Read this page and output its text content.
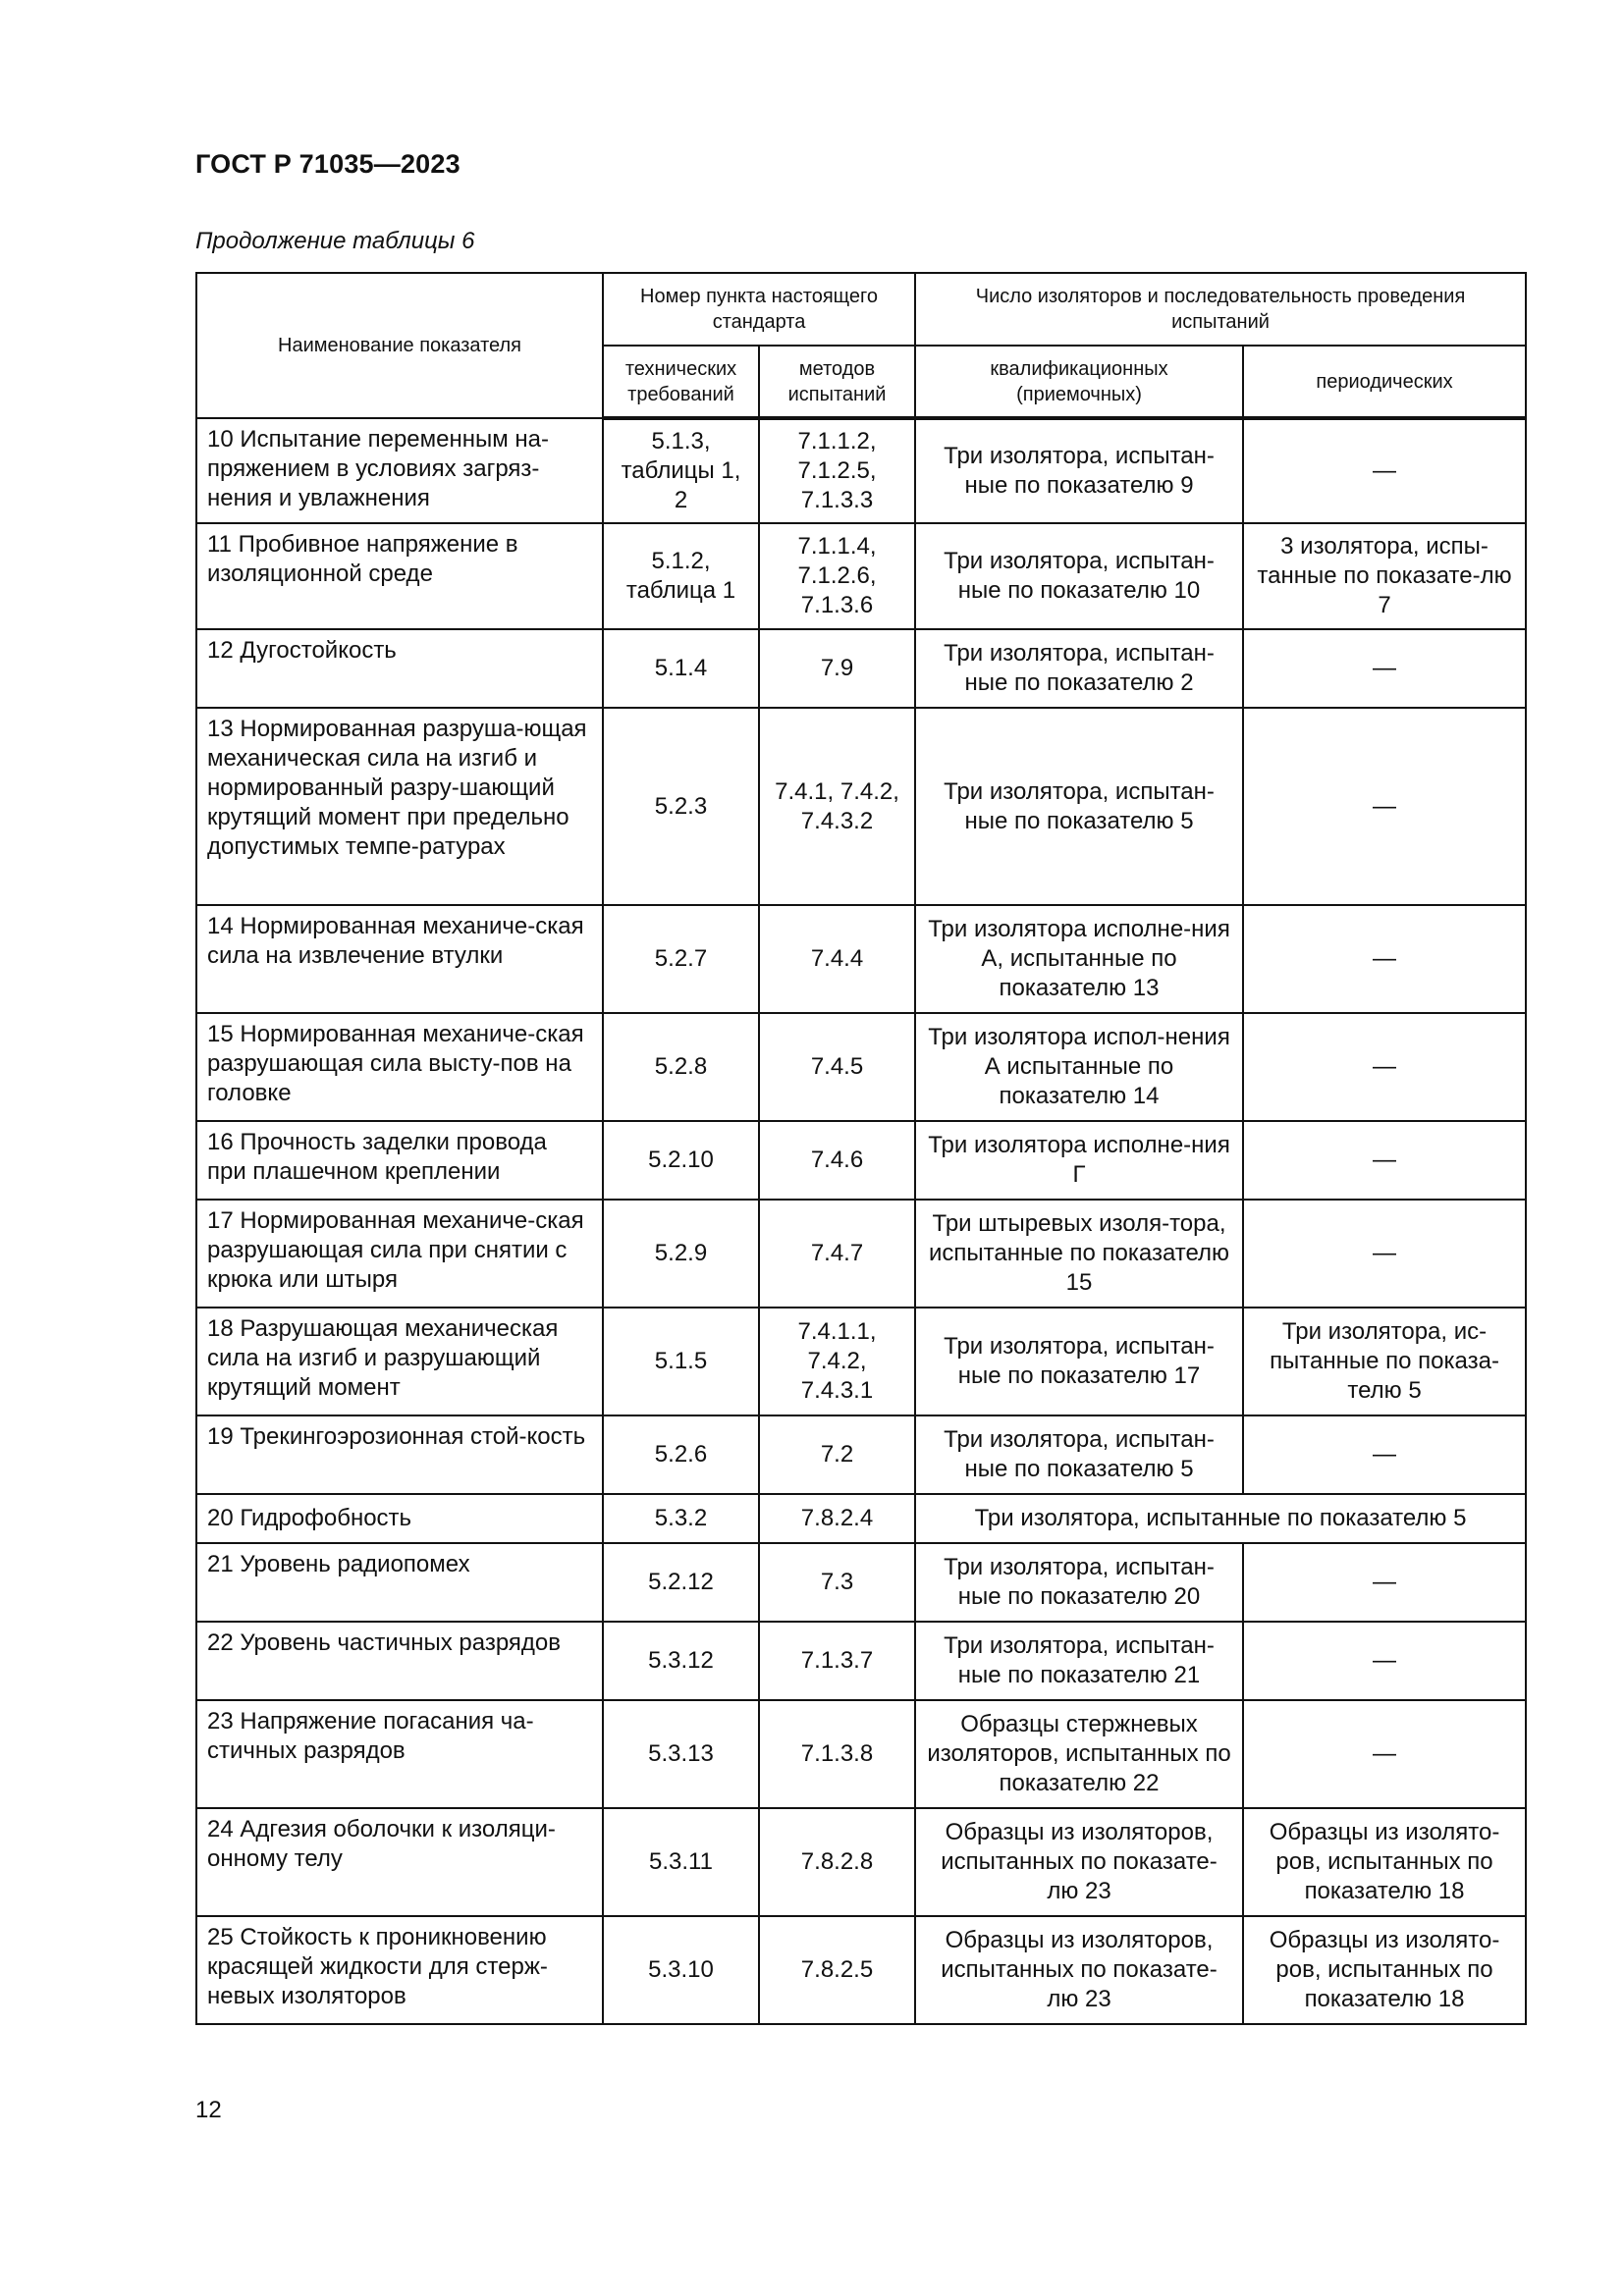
ГОСТ Р 71035—2023
Продолжение таблицы 6
Наименование показателя	Номер пункта настоящего стандарта		Число изоляторов и последовательность проведения испытаний	
	технических требований	методов испытаний	квалификационных (приемочных)	периодических
10 Испытание переменным на-пряжением в условиях загряз-нения и увлажнения	5.1.3, таблицы 1, 2	7.1.1.2, 7.1.2.5, 7.1.3.3	Три изолятора, испытан-ные по показателю 9	—
11 Пробивное напряжение в изоляционной среде	5.1.2, таблица 1	7.1.1.4, 7.1.2.6, 7.1.3.6	Три изолятора, испытан-ные по показателю 10	3 изолятора, испы-танные по показате-лю 7
12 Дугостойкость	5.1.4	7.9	Три изолятора, испытан-ные по показателю 2	—
13 Нормированная разруша-ющая механическая сила на изгиб и нормированный разру-шающий крутящий момент при предельно допустимых темпе-ратурах	5.2.3	7.4.1, 7.4.2, 7.4.3.2	Три изолятора, испытан-ные по показателю 5	—
14 Нормированная механиче-ская сила на извлечение втулки	5.2.7	7.4.4	Три изолятора исполне-ния А, испытанные по показателю 13	—
15 Нормированная механиче-ская разрушающая сила высту-пов на головке	5.2.8	7.4.5	Три изолятора испол-нения А испытанные по показателю 14	—
16 Прочность заделки провода при плашечном креплении	5.2.10	7.4.6	Три изолятора исполне-ния Г	—
17 Нормированная механиче-ская разрушающая сила при снятии с крюка или штыря	5.2.9	7.4.7	Три штыревых изоля-тора, испытанные по показателю 15	—
18 Разрушающая механическая сила на изгиб и разрушающий крутящий момент	5.1.5	7.4.1.1, 7.4.2, 7.4.3.1	Три изолятора, испытан-ные по показателю 17	Три изолятора, ис-пытанные по показа-телю 5
19 Трекингоэрозионная стой-кость	5.2.6	7.2	Три изолятора, испытан-ные по показателю 5	—
20 Гидрофобность	5.3.2	7.8.2.4	Три изолятора, испытанные по показателю 5	
21 Уровень радиопомех	5.2.12	7.3	Три изолятора, испытан-ные по показателю 20	—
22 Уровень частичных разрядов	5.3.12	7.1.3.7	Три изолятора, испытан-ные по показателю 21	—
23 Напряжение погасания ча-стичных разрядов	5.3.13	7.1.3.8	Образцы стержневых изоляторов, испытанных по показателю 22	—
24 Адгезия оболочки к изоляци-онному телу	5.3.11	7.8.2.8	Образцы из изоляторов, испытанных по показате-лю 23	Образцы из изолято-ров, испытанных по показателю 18
25 Стойкость к проникновению красящей жидкости для стерж-невых изоляторов	5.3.10	7.8.2.5	Образцы из изоляторов, испытанных по показате-лю 23	Образцы из изолято-ров, испытанных по показателю 18
12
